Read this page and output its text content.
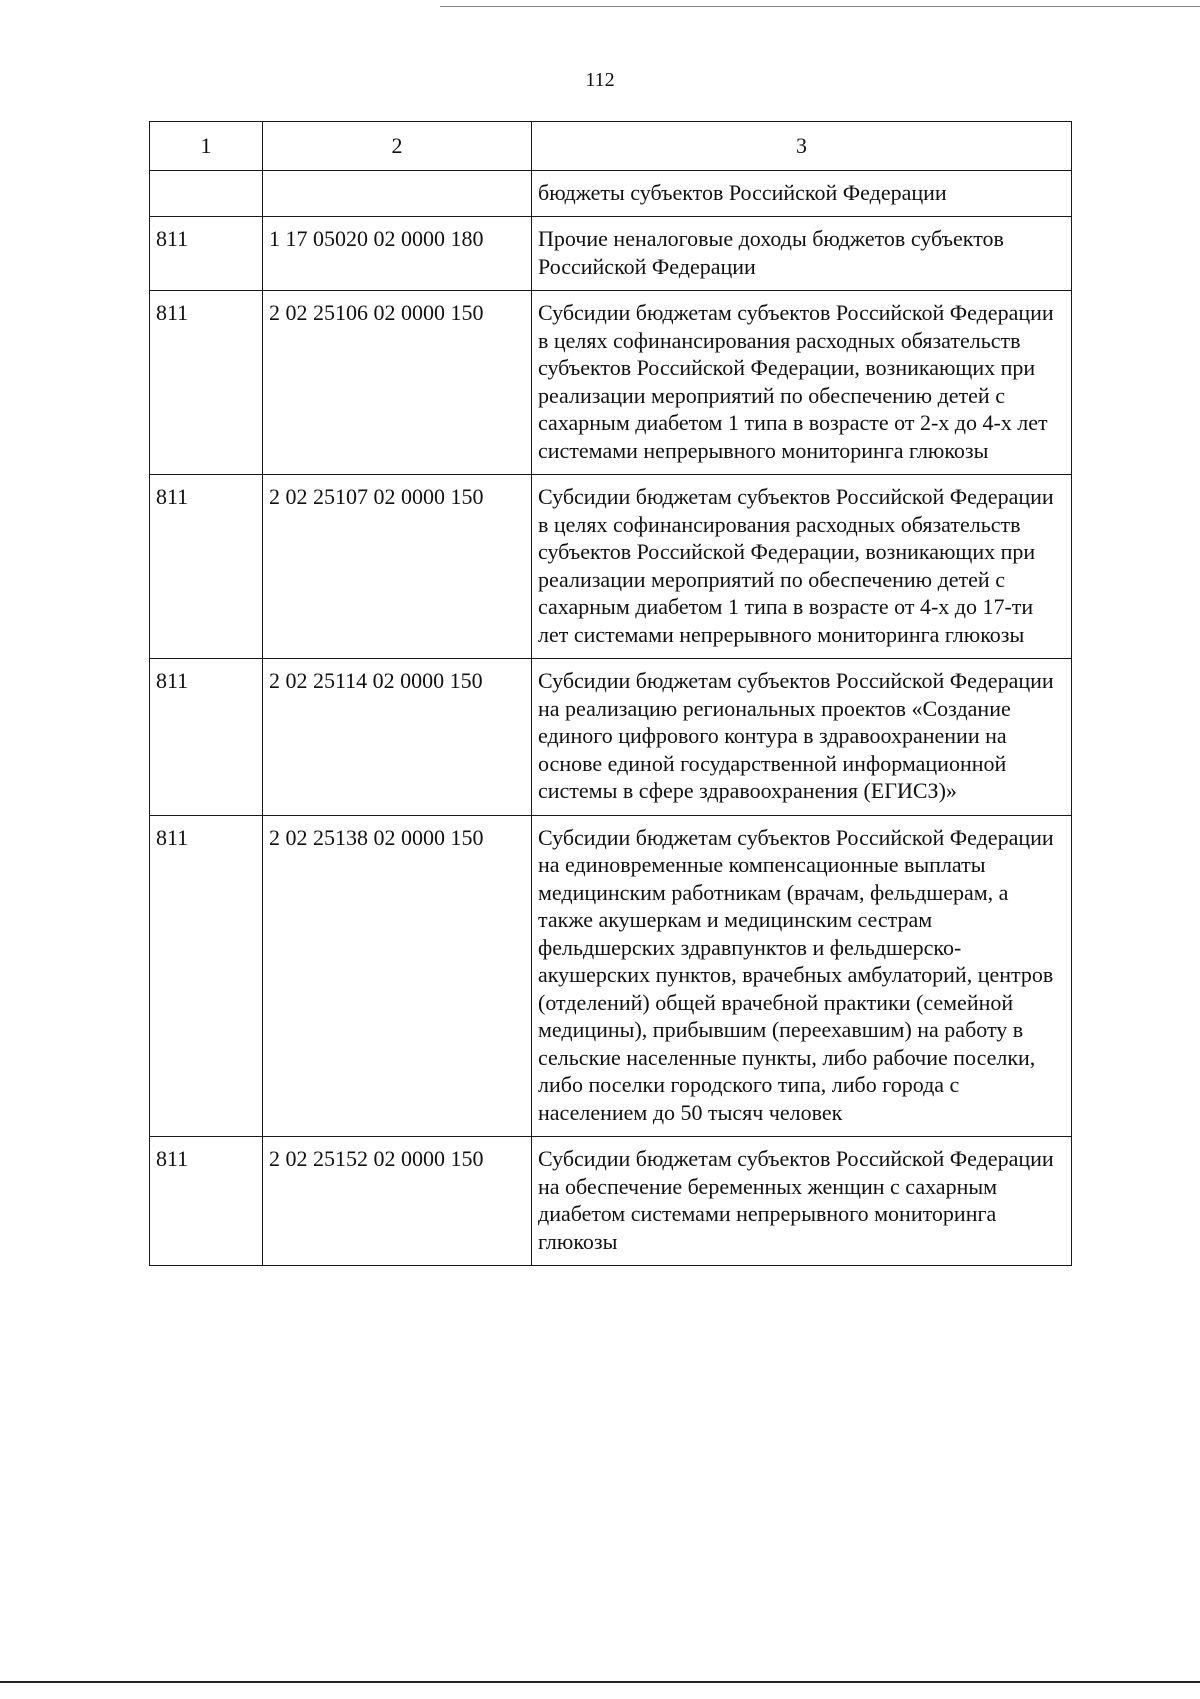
112
1	2	3
		бюджеты субъектов Российской Федерации
811	1 17 05020 02 0000 180	Прочие неналоговые доходы бюджетов субъектов Российской Федерации
811	2 02 25106 02 0000 150	Субсидии бюджетам субъектов Российской Федерации в целях софинансирования расходных обязательств субъектов Российской Федерации, возникающих при реализации мероприятий по обеспечению детей с сахарным диабетом 1 типа в возрасте от 2-х до 4-х лет системами непрерывного мониторинга глюкозы
811	2 02 25107 02 0000 150	Субсидии бюджетам субъектов Российской Федерации в целях софинансирования расходных обязательств субъектов Российской Федерации, возникающих при реализации мероприятий по обеспечению детей с сахарным диабетом 1 типа в возрасте от 4-х до 17-ти лет системами непрерывного мониторинга глюкозы
811	2 02 25114 02 0000 150	Субсидии бюджетам субъектов Российской Федерации на реализацию региональных проектов «Создание единого цифрового контура в здравоохранении на основе единой государственной информационной системы в сфере здравоохранения (ЕГИСЗ)»
811	2 02 25138 02 0000 150	Субсидии бюджетам субъектов Российской Федерации на единовременные компенсационные выплаты медицинским работникам (врачам, фельдшерам, а также акушеркам и медицинским сестрам фельдшерских здравпунктов и фельдшерско-акушерских пунктов, врачебных амбулаторий, центров (отделений) общей врачебной практики (семейной медицины), прибывшим (переехавшим) на работу в сельские населенные пункты, либо рабочие поселки, либо поселки городского типа, либо города с населением до 50 тысяч человек
811	2 02 25152 02 0000 150	Субсидии бюджетам субъектов Российской Федерации на обеспечение беременных женщин с сахарным диабетом системами непрерывного мониторинга глюкозы
